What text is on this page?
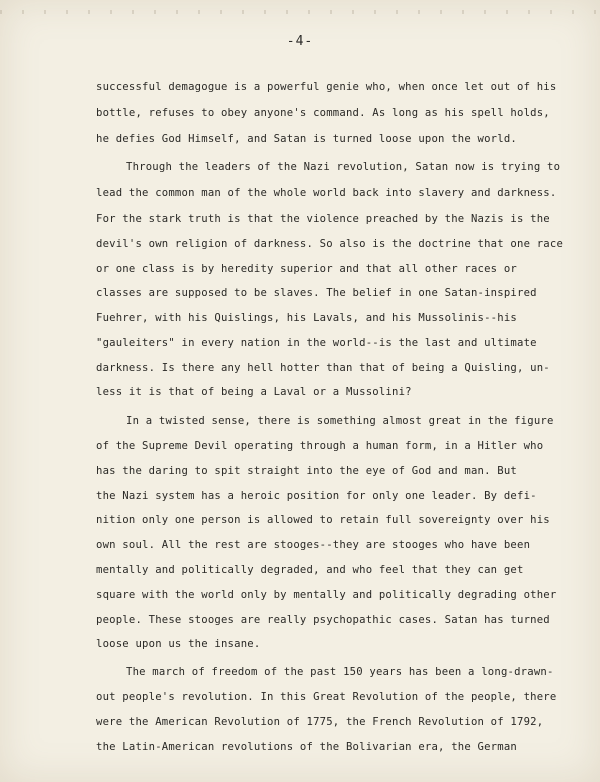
-4-
successful demagogue is a powerful genie who, when once let out of his
bottle, refuses to obey anyone's command. As long as his spell holds,
he defies God Himself, and Satan is turned loose upon the world.
Through the leaders of the Nazi revolution, Satan now is trying to
lead the common man of the whole world back into slavery and darkness.
For the stark truth is that the violence preached by the Nazis is the
devil's own religion of darkness. So also is the doctrine that one race
or one class is by heredity superior and that all other races or
classes are supposed to be slaves. The belief in one Satan-inspired
Fuehrer, with his Quislings, his Lavals, and his Mussolinis--his
"gauleiters" in every nation in the world--is the last and ultimate
darkness. Is there any hell hotter than that of being a Quisling, un-
less it is that of being a Laval or a Mussolini?
In a twisted sense, there is something almost great in the figure
of the Supreme Devil operating through a human form, in a Hitler who
has the daring to spit straight into the eye of God and man. But
the Nazi system has a heroic position for only one leader. By defi-
nition only one person is allowed to retain full sovereignty over his
own soul. All the rest are stooges--they are stooges who have been
mentally and politically degraded, and who feel that they can get
square with the world only by mentally and politically degrading other
people. These stooges are really psychopathic cases. Satan has turned
loose upon us the insane.
The march of freedom of the past 150 years has been a long-drawn-
out people's revolution. In this Great Revolution of the people, there
were the American Revolution of 1775, the French Revolution of 1792,
the Latin-American revolutions of the Bolivarian era, the German
